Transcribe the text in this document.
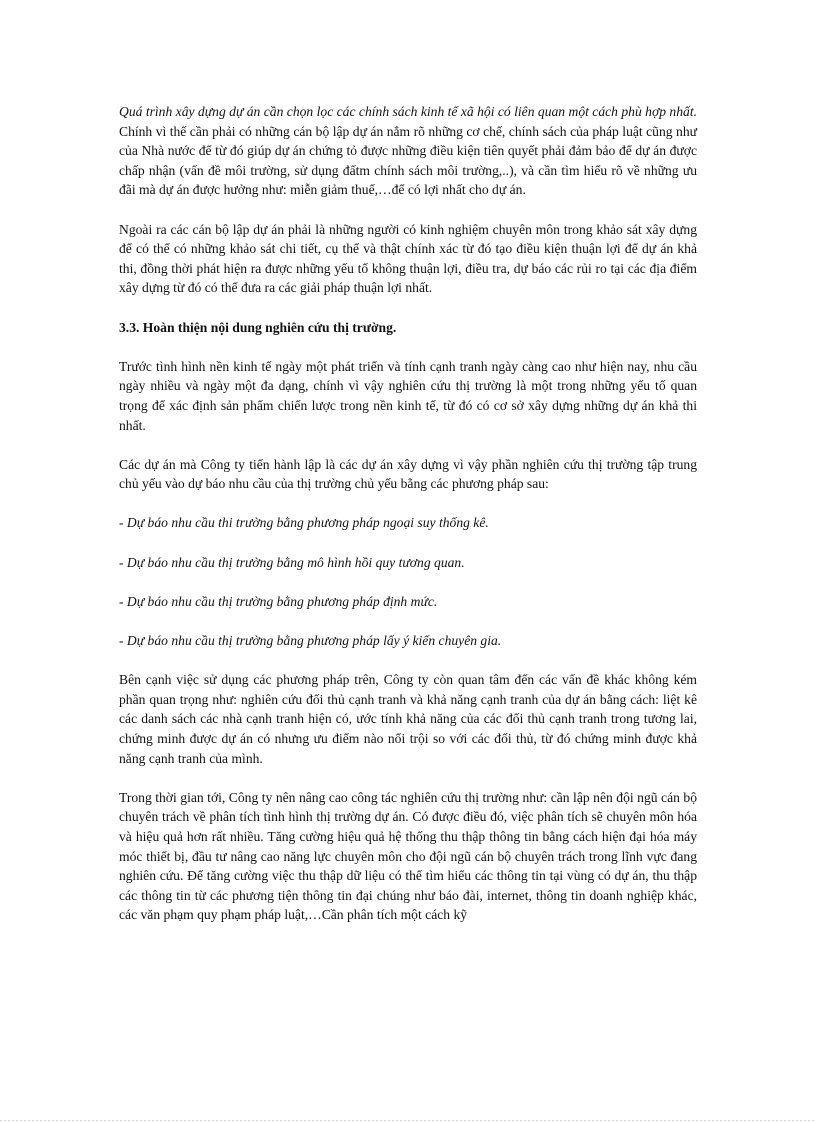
Quá trình xây dựng dự án cần chọn lọc các chính sách kinh tế xã hội có liên quan một cách phù hợp nhất. Chính vì thế cần phải có những cán bộ lập dự án nắm rõ những cơ chế, chính sách của pháp luật cũng như của Nhà nước để từ đó giúp dự án chứng tỏ được những điều kiện tiên quyết phải đảm bảo để dự án được chấp nhận (vấn đề môi trường, sử dụng đấtm chính sách môi trường,..), và cần tìm hiểu rõ về những ưu đãi mà dự án được hưởng như: miễn giảm thuế,…để có lợi nhất cho dự án.

Ngoài ra các cán bộ lập dự án phải là những người có kinh nghiệm chuyên môn trong khảo sát xây dựng để có thể có những khảo sát chi tiết, cụ thể và thật chính xác từ đó tạo điều kiện thuận lợi để dự án khả thi, đồng thời phát hiện ra được những yếu tố không thuận lợi, điều tra, dự báo các rủi ro tại các địa điểm xây dựng từ đó có thể đưa ra các giải pháp thuận lợi nhất.

3.3. Hoàn thiện nội dung nghiên cứu thị trường.

Trước tình hình nền kinh tế ngày một phát triển và tính cạnh tranh ngày càng cao như hiện nay, nhu cầu ngày nhiều và ngày một đa dạng, chính vì vậy nghiên cứu thị trường là một trong những yếu tố quan trọng để xác định sản phẩm chiến lược trong nền kinh tế, từ đó có cơ sở xây dựng những dự án khả thi nhất.

Các dự án mà Công ty tiến hành lập là các dự án xây dựng vì vậy phần nghiên cứu thị trường tập trung chủ yếu vào dự báo nhu cầu của thị trường chủ yếu bằng các phương pháp sau:

- Dự báo nhu cầu thi trường bằng phương pháp ngoại suy thống kê.

- Dự báo nhu cầu thị trường bằng mô hình hồi quy tương quan.

- Dự báo nhu cầu thị trường bằng phương pháp định mức.

- Dự báo nhu cầu thị trường bằng phương pháp lấy ý kiến chuyên gia.

Bên cạnh việc sử dụng các phương pháp trên, Công ty còn quan tâm đến các vấn đề khác không kém phần quan trọng như: nghiên cứu đối thủ cạnh tranh và khả năng cạnh tranh của dự án bằng cách: liệt kê các danh sách các nhà cạnh tranh hiện có, ước tính khả năng của các đối thủ cạnh tranh trong tương lai, chứng minh được dự án có nhưng ưu điểm nào nổi trội so với các đối thủ, từ đó chứng minh được khả năng cạnh tranh của mình.

Trong thời gian tới, Công ty nên nâng cao công tác nghiên cứu thị trường như: cần lập nên đội ngũ cán bộ chuyên trách về phân tích tình hình thị trường dự án. Có được điều đó, việc phân tích sẽ chuyên môn hóa và hiệu quả hơn rất nhiều. Tăng cường hiệu quả hệ thống thu thập thông tin bằng cách hiện đại hóa máy móc thiết bị, đầu tư nâng cao năng lực chuyên môn cho đội ngũ cán bộ chuyên trách trong lĩnh vực đang nghiên cứu. Để tăng cường việc thu thập dữ liệu có thể tìm hiểu các thông tin tại vùng có dự án, thu thập các thông tin từ các phương tiện thông tin đại chúng như báo đài, internet, thông tin doanh nghiệp khác, các văn phạm quy phạm pháp luật,…Cần phân tích một cách kỹ
